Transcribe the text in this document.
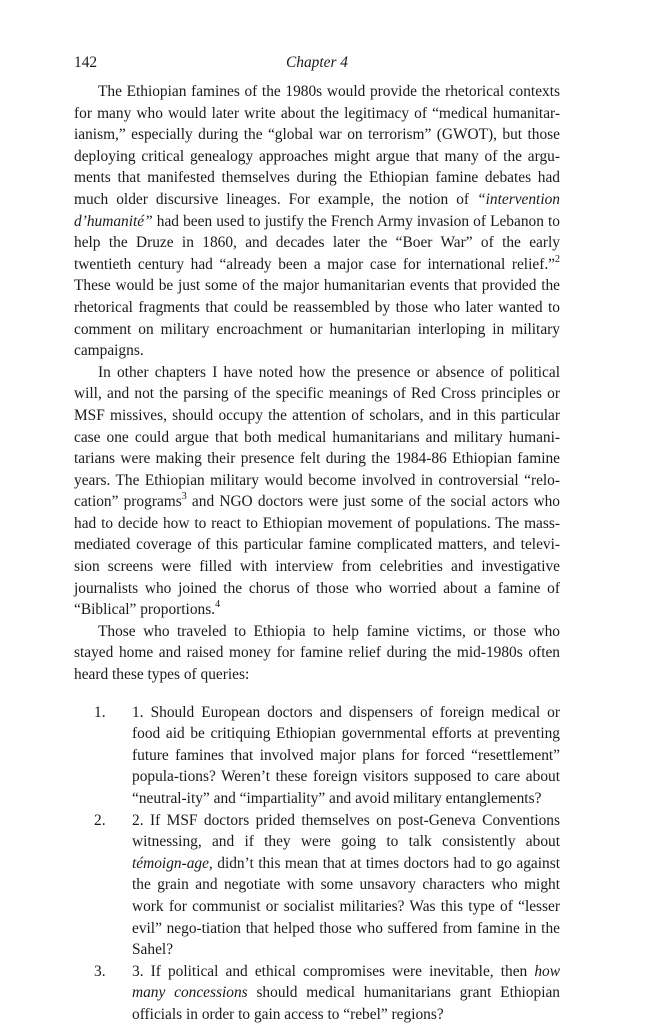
142	Chapter 4

The Ethiopian famines of the 1980s would provide the rhetorical contexts for many who would later write about the legitimacy of “medical humanitar-ianism,” especially during the “global war on terrorism” (GWOT), but those deploying critical genealogy approaches might argue that many of the argu-ments that manifested themselves during the Ethiopian famine debates had much older discursive lineages. For example, the notion of “intervention d’humanité” had been used to justify the French Army invasion of Lebanon to help the Druze in 1860, and decades later the “Boer War” of the early twentieth century had “already been a major case for international relief.”$^2$ These would be just some of the major humanitarian events that provided the rhetorical fragments that could be reassembled by those who later wanted to comment on military encroachment or humanitarian interloping in military campaigns.

In other chapters I have noted how the presence or absence of political will, and not the parsing of the specific meanings of Red Cross principles or MSF missives, should occupy the attention of scholars, and in this particular case one could argue that both medical humanitarians and military humani-tarians were making their presence felt during the 1984-86 Ethiopian famine years. The Ethiopian military would become involved in controversial “relo-cation” programs$^3$ and NGO doctors were just some of the social actors who had to decide how to react to Ethiopian movement of populations. The mass-mediated coverage of this particular famine complicated matters, and televi-sion screens were filled with interview from celebrities and investigative journalists who joined the chorus of those who worried about a famine of “Biblical” proportions.$^4$

Those who traveled to Ethiopia to help famine victims, or those who stayed home and raised money for famine relief during the mid-1980s often heard these types of queries:

1. 1. Should European doctors and dispensers of foreign medical or food aid be critiquing Ethiopian governmental efforts at preventing future famines that involved major plans for forced “resettlement” popula-tions? Weren’t these foreign visitors supposed to care about “neutral-ity” and “impartiality” and avoid military entanglements?
2. 2. If MSF doctors prided themselves on post-Geneva Conventions witnessing, and if they were going to talk consistently about témoign-age, didn’t this mean that at times doctors had to go against the grain and negotiate with some unsavory characters who might work for communist or socialist militaries? Was this type of “lesser evil” nego-tiation that helped those who suffered from famine in the Sahel?
3. 3. If political and ethical compromises were inevitable, then how many concessions should medical humanitarians grant Ethiopian officials in order to gain access to “rebel” regions?
